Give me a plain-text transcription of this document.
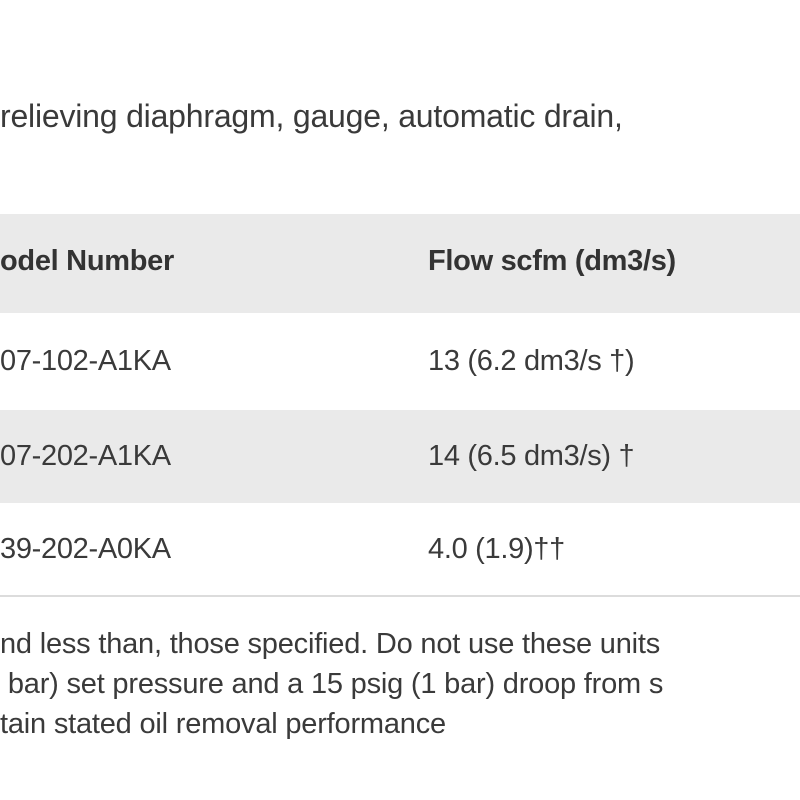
relieving diaphragm, gauge, automatic drain,

odel Number	Flow scfm (dm3/s)
07-102-A1KA	13 (6.2 dm3/s †)
07-202-A1KA	14 (6.5 dm3/s) †
39-202-A0KA	4.0 (1.9)††
nd less than, those specified. Do not use these units
bar) set pressure and a 15 psig (1 bar) droop from s
tain stated oil removal performance
